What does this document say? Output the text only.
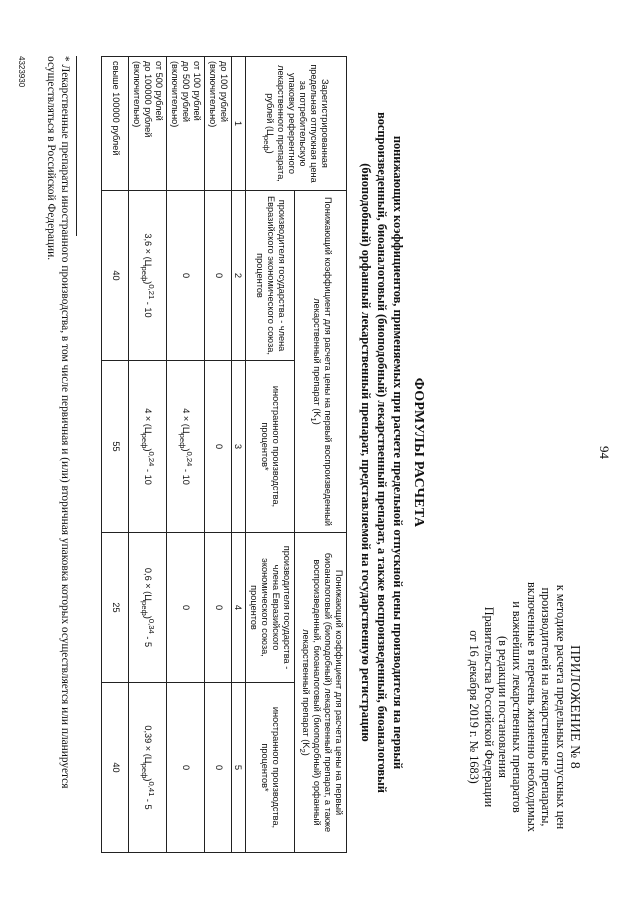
94
ПРИЛОЖЕНИЕ № 8
к методике расчета предельных отпускных цен
производителей на лекарственные препараты,
включенные в перечень жизненно необходимых
и важнейших лекарственных препаратов
(в редакции постановления
Правительства Российской Федерации
от 16 декабря 2019 г. № 1683)
ФОРМУЛЫ РАСЧЕТА
понижающих коэффициентов, применяемых при расчете предельной отпускной цены производителя на первый
воспроизведенный, биоаналоговый (биоподобный) лекарственный препарат, а также воспроизведенный, биоаналоговый
(биоподобный) орфанный лекарственный препарат, представляемой на государственную регистрацию
Зарегистрированная предельная отпускная цена за потребительскую упаковку референтного лекарственного препарата, рублей $(Ц_{реф})$	Понижающий коэффициент для расчета цены на первый воспроизведенный лекарственный препарат $(K_1)$		Понижающий коэффициент для расчета цены на первый биоаналоговый (биоподобный) лекарственный препарат, а также воспроизведенный, биоаналоговый (биоподобный) орфанный лекарственный препарат $(K_2)$	
	производителя государства - члена Евразийского экономического союза, процентов	иностранного производства, процентов*	производителя государства - члена Евразийского экономического союза, процентов	иностранного производства, процентов*
1	2	3	4	5

до 100 рублей (включительно)	0	0	0	0

от 100 рублей
до 500 рублей (включительно)	0	$4 \times (Ц_{реф})^{0,24} - 10$	0	0

от 500 рублей
до 100000 рублей (включительно)	$3,6 \times (Ц_{реф})^{0,21} - 10$	$4 \times (Ц_{реф})^{0,24} - 10$	$0,6 \times (Ц_{реф})^{0,34} - 5$	$0,39 \times (Ц_{реф})^{0,41} - 5$

свыше 100000 рублей	40	55	25	40
* Лекарственные препараты иностранного производства, в том числе первичная и (или) вторичная упаковка которых осуществляется или планируется осуществляться в Российской Федерации.
4323930
